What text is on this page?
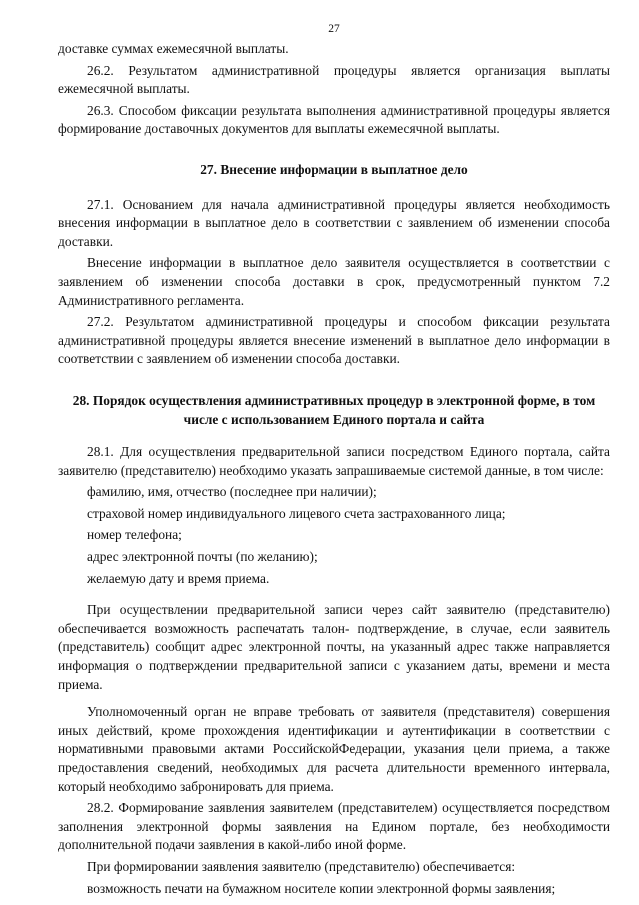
27

доставке суммах ежемесячной выплаты.

26.2. Результатом административной процедуры является организация выплаты ежемесячной выплаты.

26.3. Способом фиксации результата выполнения административной процедуры является формирование доставочных документов для выплаты ежемесячной выплаты.

27. Внесение информации в выплатное дело

27.1. Основанием для начала административной процедуры является необходимость внесения информации в выплатное дело в соответствии с заявлением об изменении способа доставки.

Внесение информации в выплатное дело заявителя осуществляется в соответствии с заявлением об изменении способа доставки в срок, предусмотренный пунктом 7.2 Административного регламента.

27.2. Результатом административной процедуры и способом фиксации результата административной процедуры является внесение изменений в выплатное дело информации в соответствии с заявлением об изменении способа доставки.

28. Порядок осуществления административных процедур в электронной форме, в том числе с использованием Единого портала и сайта

28.1. Для осуществления предварительной записи посредством Единого портала, сайта заявителю (представителю) необходимо указать запрашиваемые системой данные, в том числе:

фамилию, имя, отчество (последнее при наличии);

страховой номер индивидуального лицевого счета застрахованного лица;

номер телефона;

адрес электронной почты (по желанию);

желаемую дату и время приема.

При осуществлении предварительной записи через сайт заявителю (представителю) обеспечивается возможность распечатать талон- подтверждение, в случае, если заявитель (представитель) сообщит адрес электронной почты, на указанный адрес также направляется информация о подтверждении предварительной записи с указанием даты, времени и места приема.

Уполномоченный орган не вправе требовать от заявителя (представителя) совершения иных действий, кроме прохождения идентификации и аутентификации в соответствии с нормативными правовыми актами РоссийскойФедерации, указания цели приема, а также предоставления сведений, необходимых для расчета длительности временного интервала, который необходимо забронировать для приема.

28.2. Формирование заявления заявителем (представителем) осуществляется посредством заполнения электронной формы заявления на Едином портале, без необходимости дополнительной подачи заявления в какой-либо иной форме.

При формировании заявления заявителю (представителю) обеспечивается:

возможность печати на бумажном носителе копии электронной формы заявления;
